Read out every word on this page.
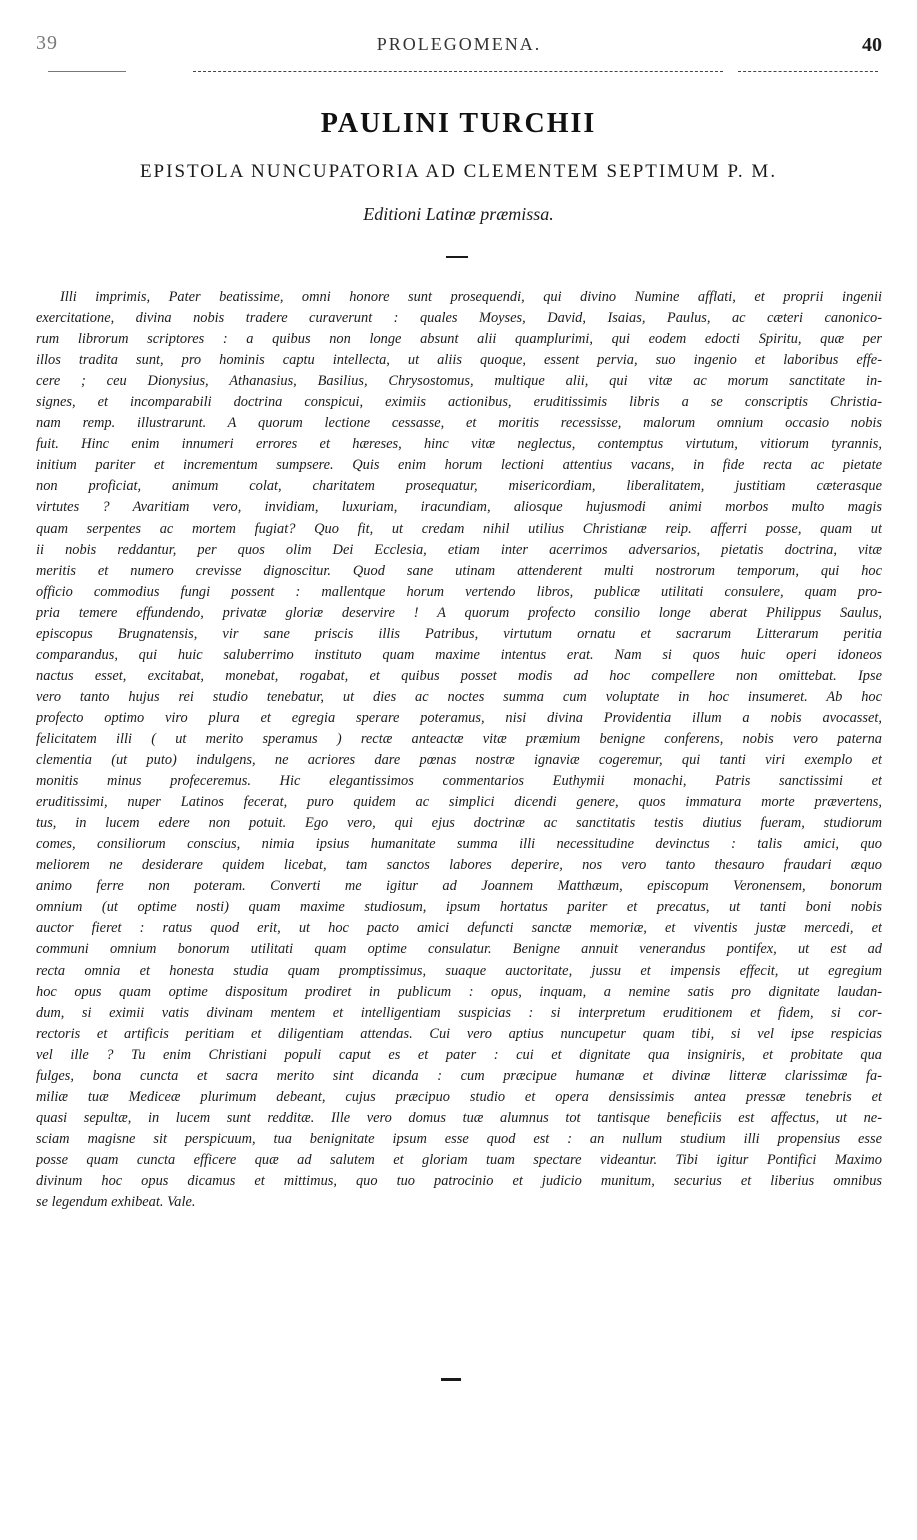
39	PROLEGOMENA.	40
PAULINI TURCHII
EPISTOLA NUNCUPATORIA AD CLEMENTEM SEPTIMUM P. M.
Editioni Latinæ præmissa.
Illi imprimis, Pater beatissime, omni honore sunt prosequendi, qui divino Numine afflati, et proprii ingenii
exercitatione, divina nobis tradere curaverunt : quales Moyses, David, Isaias, Paulus, ac cæteri canonico-
rum librorum scriptores : a quibus non longe absunt alii quamplurimi, qui eodem edocti Spiritu, quæ per
illos tradita sunt, pro hominis captu intellecta, ut aliis quoque, essent pervia, suo ingenio et laboribus effe-
cere ; ceu Dionysius, Athanasius, Basilius, Chrysostomus, multique alii, qui vitæ ac morum sanctitate in-
signes, et incomparabili doctrina conspicui, eximiis actionibus, eruditissimis libris a se conscriptis Christia-
nam remp. illustrarunt. A quorum lectione cessasse, et moritis recessisse, malorum omnium occasio nobis
fuit. Hinc enim innumeri errores et hæreses, hinc vitæ neglectus, contemptus virtutum, vitiorum tyrannis,
initium pariter et incrementum sumpsere. Quis enim horum lectioni attentius vacans, in fide recta ac pietate
non proficiat, animum colat, charitatem prosequatur, misericordiam, liberalitatem, justitiam cæterasque
virtutes ? Avaritiam vero, invidiam, luxuriam, iracundiam, aliosque hujusmodi animi morbos multo magis
quam serpentes ac mortem fugiat? Quo fit, ut credam nihil utilius Christianæ reip. afferri posse, quam ut
ii nobis reddantur, per quos olim Dei Ecclesia, etiam inter acerrimos adversarios, pietatis doctrina, vitæ
meritis et numero crevisse dignoscitur. Quod sane utinam attenderent multi nostrorum temporum, qui hoc
officio commodius fungi possent : mallentque horum vertendo libros, publicæ utilitati consulere, quam pro-
pria temere effundendo, privatæ gloriæ deservire ! A quorum profecto consilio longe aberat Philippus Saulus,
episcopus Brugnatensis, vir sane priscis illis Patribus, virtutum ornatu et sacrarum Litterarum peritia
comparandus, qui huic saluberrimo instituto quam maxime intentus erat. Nam si quos huic operi idoneos
nactus esset, excitabat, monebat, rogabat, et quibus posset modis ad hoc compellere non omittebat. Ipse
vero tanto hujus rei studio tenebatur, ut dies ac noctes summa cum voluptate in hoc insumeret. Ab hoc
profecto optimo viro plura et egregia sperare poteramus, nisi divina Providentia illum a nobis avocasset,
felicitatem illi ( ut merito speramus ) rectæ anteactæ vitæ præmium benigne conferens, nobis vero paterna
clementia (ut puto) indulgens, ne acriores dare pœnas nostræ ignaviæ cogeremur, qui tanti viri exemplo et
monitis minus profeceremus. Hic elegantissimos commentarios Euthymii monachi, Patris sanctissimi et
eruditissimi, nuper Latinos fecerat, puro quidem ac simplici dicendi genere, quos immatura morte prævertens,
tus, in lucem edere non potuit. Ego vero, qui ejus doctrinæ ac sanctitatis testis diutius fueram, studiorum
comes, consiliorum conscius, nimia ipsius humanitate summa illi necessitudine devinctus : talis amici, quo
meliorem ne desiderare quidem licebat, tam sanctos labores deperire, nos vero tanto thesauro fraudari æquo
animo ferre non poteram. Converti me igitur ad Joannem Matthæum, episcopum Veronensem, bonorum
omnium (ut optime nosti) quam maxime studiosum, ipsum hortatus pariter et precatus, ut tanti boni nobis
auctor fieret : ratus quod erit, ut hoc pacto amici defuncti sanctæ memoriæ, et viventis justæ mercedi, et
communi omnium bonorum utilitati quam optime consulatur. Benigne annuit venerandus pontifex, ut est ad
recta omnia et honesta studia quam promptissimus, suaque auctoritate, jussu et impensis effecit, ut egregium
hoc opus quam optime dispositum prodiret in publicum : opus, inquam, a nemine satis pro dignitate laudan-
dum, si eximii vatis divinam mentem et intelligentiam suspicias : si interpretum eruditionem et fidem, si cor-
rectoris et artificis peritiam et diligentiam attendas. Cui vero aptius nuncupetur quam tibi, si vel ipse respicias
vel ille ? Tu enim Christiani populi caput es et pater : cui et dignitate qua insigniris, et probitate qua
fulges, bona cuncta et sacra merito sint dicanda : cum præcipue humanæ et divinæ litteræ clarissimæ fa-
miliæ tuæ Mediceæ plurimum debeant, cujus præcipuo studio et opera densissimis antea pressæ tenebris et
quasi sepultæ, in lucem sunt redditæ. Ille vero domus tuæ alumnus tot tantisque beneficiis est affectus, ut ne-
sciam magisne sit perspicuum, tua benignitate ipsum esse quod est : an nullum studium illi propensius esse
posse quam cuncta efficere quæ ad salutem et gloriam tuam spectare videantur. Tibi igitur Pontifici Maximo
divinum hoc opus dicamus et mittimus, quo tuo patrocinio et judicio munitum, securius et liberius omnibus
se legendum exhibeat. Vale.
